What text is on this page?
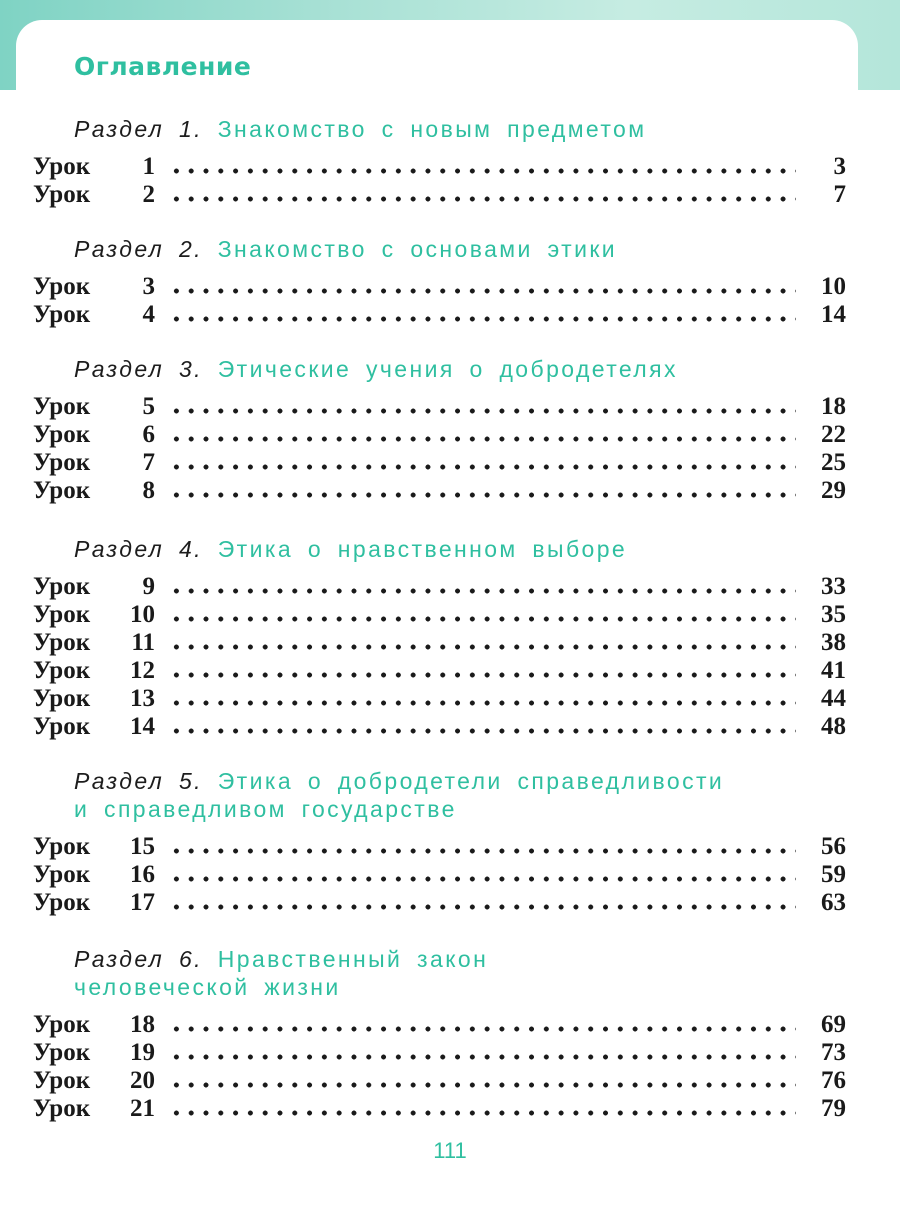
Оглавление
Раздел 1. Знакомство с новым предметом
Урок 1	3
Урок 2	7
Раздел 2. Знакомство с основами этики
Урок 3	10
Урок 4	14
Раздел 3. Этические учения о добродетелях
Урок 5	18
Урок 6	22
Урок 7	25
Урок 8	29
Раздел 4. Этика о нравственном выборе
Урок 9	33
Урок 10	35
Урок 11	38
Урок 12	41
Урок 13	44
Урок 14	48
Раздел 5. Этика о добродетели справедливости
и справедливом государстве
Урок 15	56
Урок 16	59
Урок 17	63
Раздел 6. Нравственный закон
человеческой жизни
Урок 18	69
Урок 19	73
Урок 20	76
Урок 21	79
111
